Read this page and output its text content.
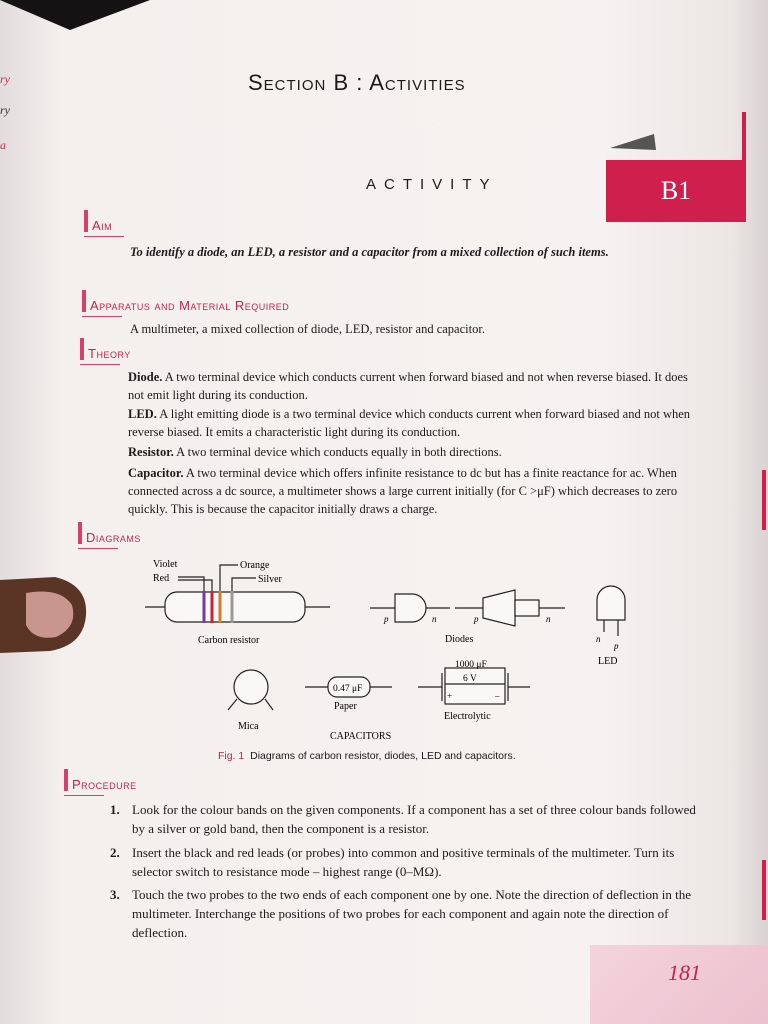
ry
ry
a
Section B : Activities
ACTIVITY	B1
Aim
To identify a diode, an LED, a resistor and a capacitor from a mixed collection of such items.
Apparatus and Material Required
A multimeter, a mixed collection of diode, LED, resistor and capacitor.
Theory
Diode. A two terminal device which conducts current when forward biased and not when reverse biased. It does not emit light during its conduction.
LED. A light emitting diode is a two terminal device which conducts current when forward biased and not when reverse biased. It emits a characteristic light during its conduction.
Resistor. A two terminal device which conducts equally in both directions.
Capacitor. A two terminal device which offers infinite resistance to dc but has a finite reactance for ac. When connected across a dc source, a multimeter shows a large current initially (for C >μF) which decreases to zero quickly. This is because the capacitor initially draws a charge.
Diagrams
Violet
Red
Orange
Silver
Carbon resistor
p	n	p	n
Diodes	n
p
LED
Mica
0.47 μF
Paper
1000 μF
6 V
+	–
Electrolytic
CAPACITORS
Fig. 1 Diagrams of carbon resistor, diodes, LED and capacitors.
Procedure
1. Look for the colour bands on the given components. If a component has a set of three colour bands followed by a silver or gold band, then the component is a resistor.
2. Insert the black and red leads (or probes) into common and positive terminals of the multimeter. Turn its selector switch to resistance mode – highest range (0–MΩ).
3. Touch the two probes to the two ends of each component one by one. Note the direction of deflection in the multimeter. Interchange the positions of two probes for each component and again note the direction of deflection.
181
